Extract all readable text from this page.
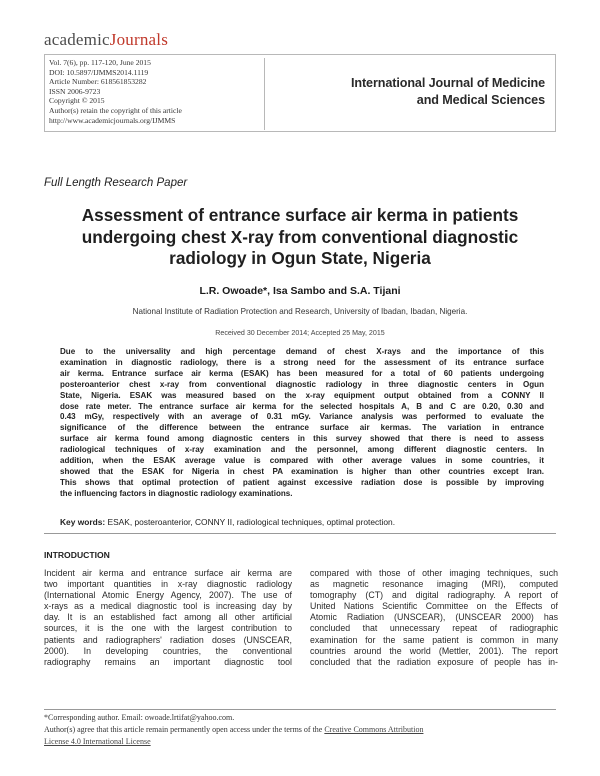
academicJournals
Vol. 7(6), pp. 117-120, June 2015
DOI: 10.5897/IJMMS2014.1119
Article Number: 618561853282
ISSN 2006-9723
Copyright © 2015
Author(s) retain the copyright of this article
http://www.academicjournals.org/IJMMS
International Journal of Medicine
and Medical Sciences
Full Length Research Paper
Assessment of entrance surface air kerma in patients
undergoing chest X-ray from conventional diagnostic
radiology in Ogun State, Nigeria
L.R. Owoade*, Isa Sambo and S.A. Tijani
National Institute of Radiation Protection and Research, University of Ibadan, Ibadan, Nigeria.
Received 30 December 2014; Accepted 25 May, 2015
Due to the universality and high percentage demand of chest X-rays and the importance of this
examination in diagnostic radiology, there is a strong need for the assessment of its entrance surface
air kerma. Entrance surface air kerma (ESAK) has been measured for a total of 60 patients undergoing
posteroanterior chest x-ray from conventional diagnostic radiology in three diagnostic centers in Ogun
State, Nigeria. ESAK was measured based on the x-ray equipment output obtained from a CONNY II
dose rate meter. The entrance surface air kerma for the selected hospitals A, B and C are 0.20, 0.30 and
0.43 mGy, respectively with an average of 0.31 mGy. Variance analysis was performed to evaluate the
significance of the difference between the entrance surface air kermas. The variation in entrance
surface air kerma found among diagnostic centers in this survey showed that there is need to assess
radiological techniques of x-ray examination and the personnel, among different diagnostic centers. In
addition, when the ESAK average value is compared with other average values in some countries, it
showed that the ESAK for Nigeria in chest PA examination is higher than other countries except Iran.
This shows that optimal protection of patient against excessive radiation dose is possible by improving
the influencing factors in diagnostic radiology examinations.
Key words: ESAK, posteroanterior, CONNY II, radiological techniques, optimal protection.
INTRODUCTION
Incident air kerma and entrance surface air kerma are
two important quantities in x-ray diagnostic radiology
(International Atomic Energy Agency, 2007). The use of
x-rays as a medical diagnostic tool is increasing day by
day. It is an established fact among all other artificial
sources, it is the one with the largest contribution to
patients and radiographers' radiation doses (UNSCEAR,
2000). In developing countries, the conventional
radiography remains an important diagnostic tool
compared with those of other imaging techniques, such
as magnetic resonance imaging (MRI), computed
tomography (CT) and digital radiography. A report of
United Nations Scientific Committee on the Effects of
Atomic Radiation (UNSCEAR), (UNSCEAR 2000) has
concluded that unnecessary repeat of radiographic
examination for the same patient is common in many
countries around the world (Mettler, 2001). The report
concluded that the radiation exposure of people has in-
*Corresponding author. Email: owoade.lrtifat@yahoo.com.
Author(s) agree that this article remain permanently open access under the terms of the Creative Commons Attribution
License 4.0 International License
